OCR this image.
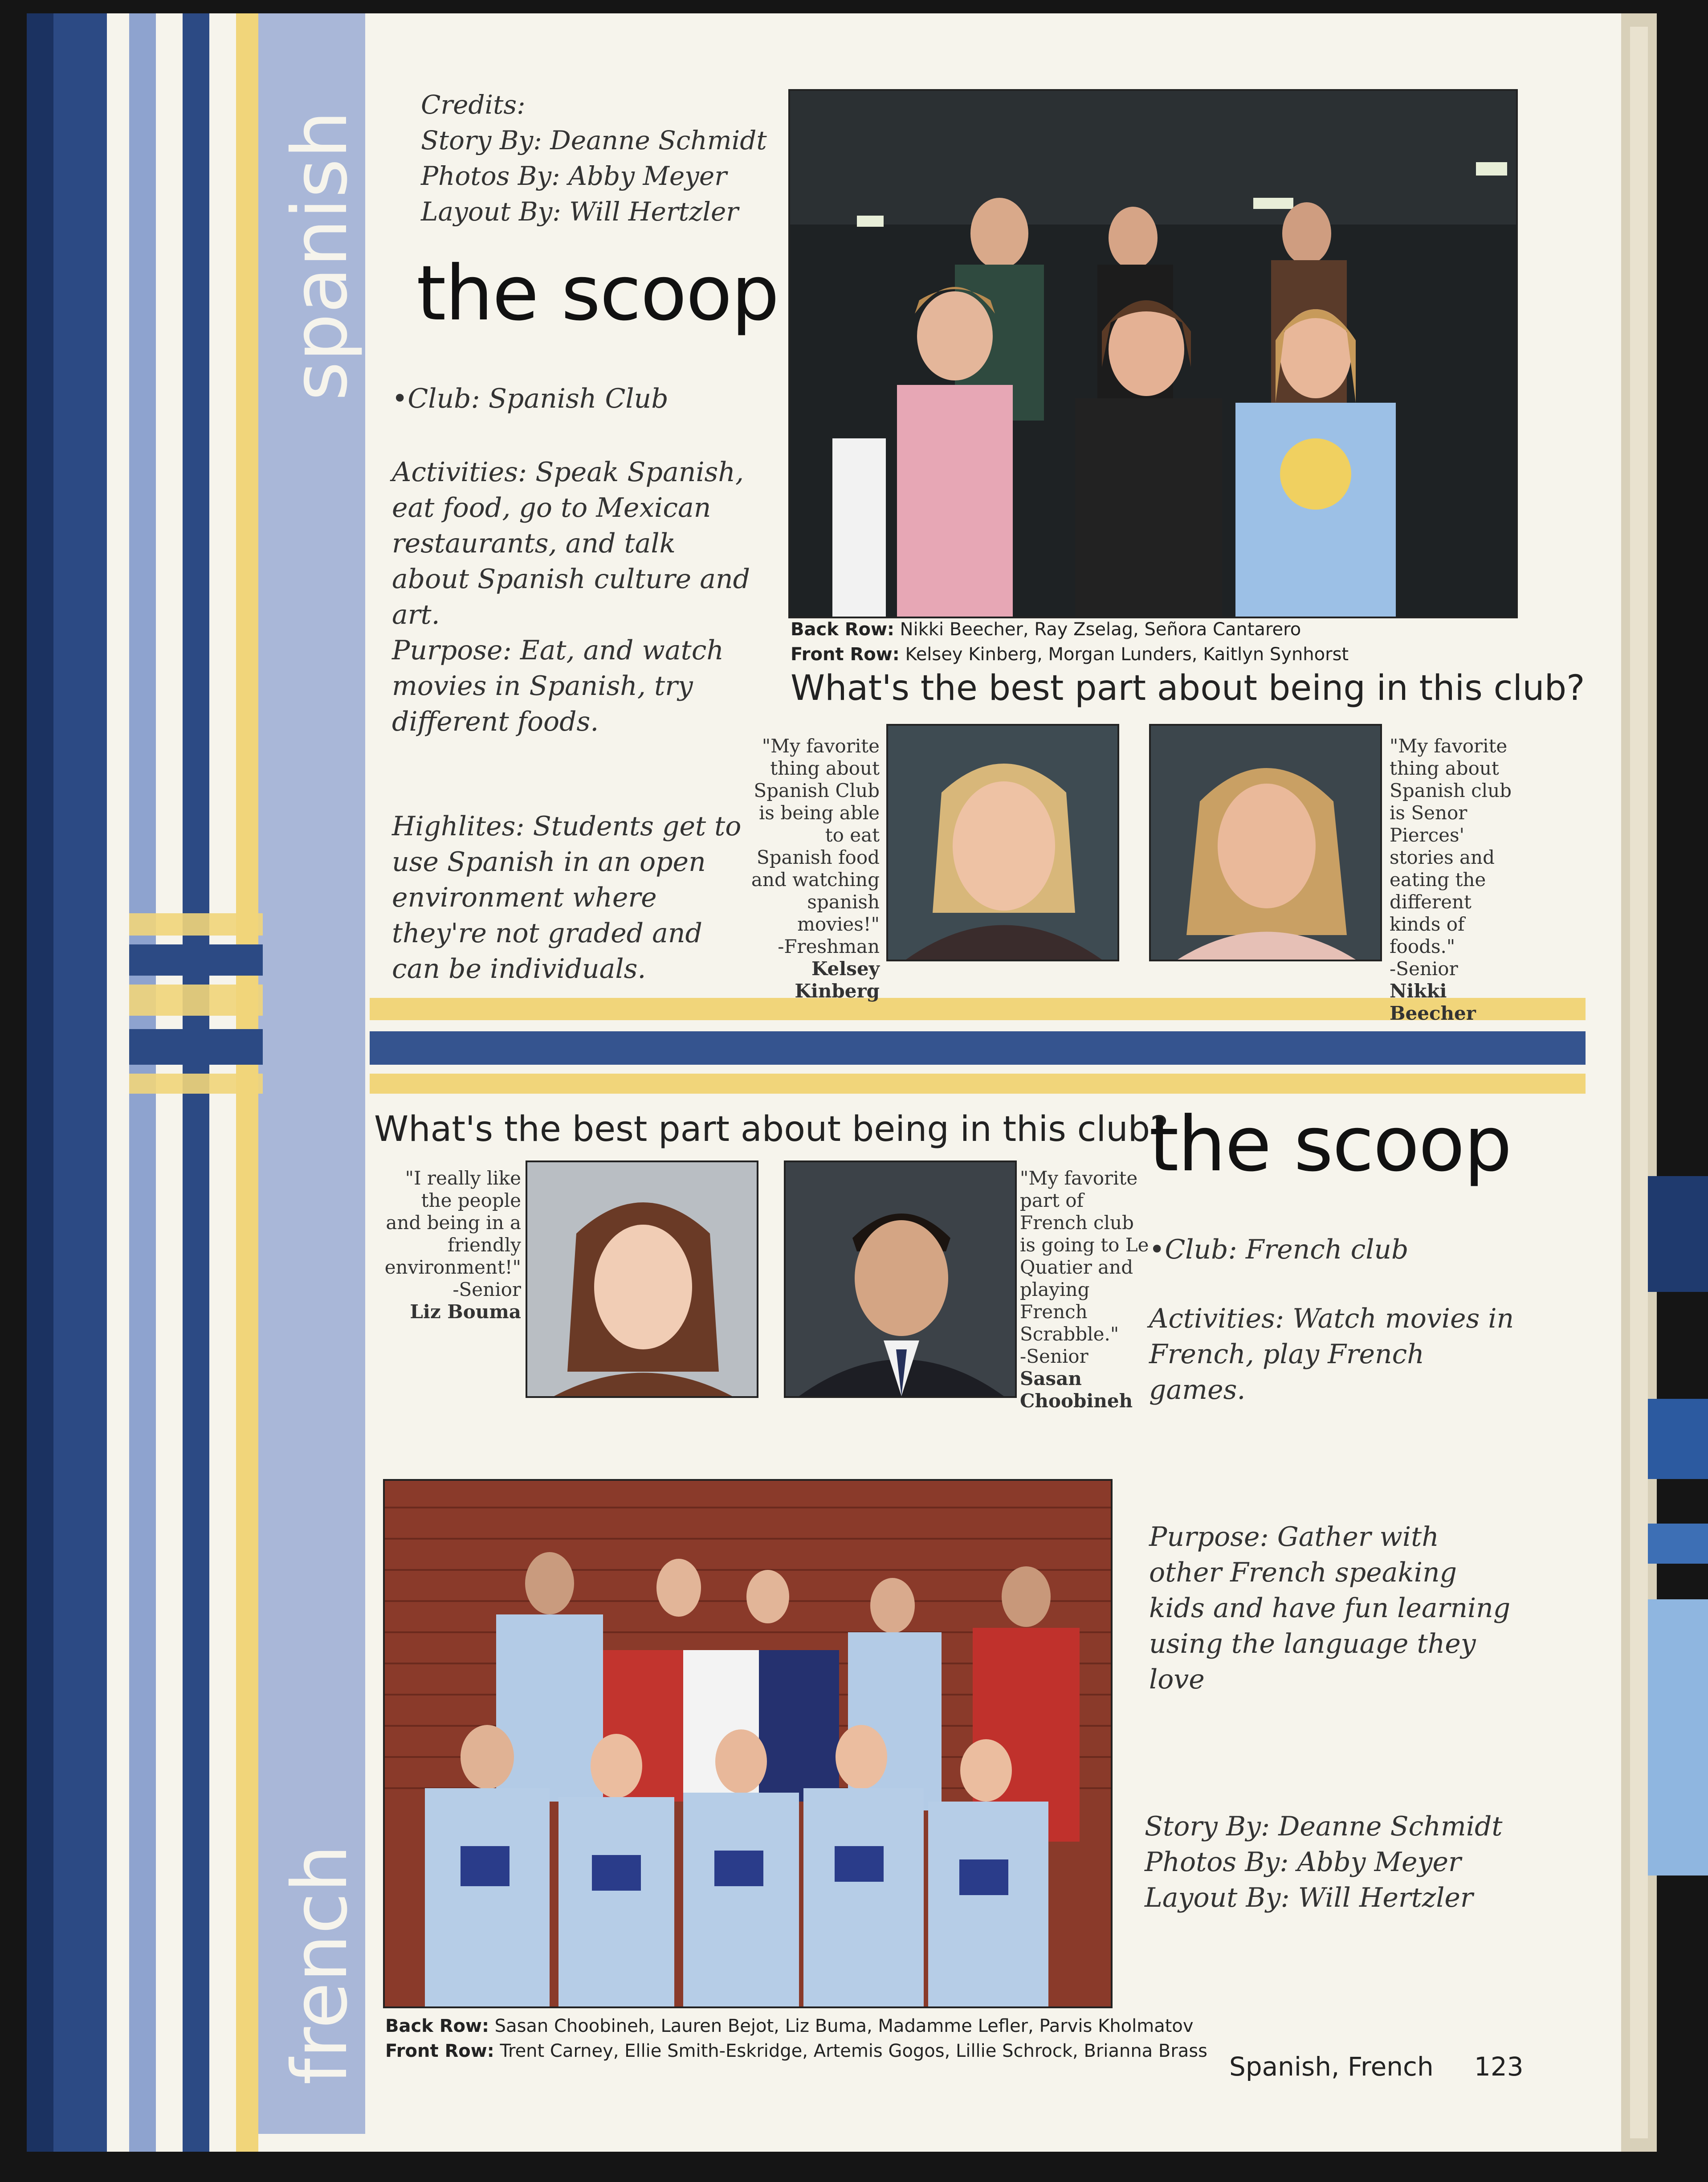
spanish
french
Credits:
Story By: Deanne Schmidt
Photos By: Abby Meyer
Layout By: Will Hertzler
the scoop
•Club: Spanish Club
Activities: Speak Spanish, eat food, go to Mexican restaurants, and talk about Spanish culture and art.
Purpose: Eat, and watch movies in Spanish, try different foods.
Highlites: Students get to use Spanish in an open environment where they're not graded and can be individuals.
Back Row: Nikki Beecher, Ray Zselag, Señora Cantarero
Front Row: Kelsey Kinberg, Morgan Lunders, Kaitlyn Synhorst
What's the best part about being in this club?
"My favorite thing about Spanish Club is being able to eat Spanish food and watching spanish movies!"
-Freshman
Kelsey Kinberg
"My favorite thing about Spanish club is Senor Pierces' stories and eating the different kinds of foods."
-Senior
Nikki Beecher
What's the best part about being in this club?
"I really like the people and being in a friendly environment!"
-Senior
Liz Bouma
"My favorite part of French club is going to Le Quatier and playing French Scrabble."
-Senior
Sasan Choobineh
the scoop
•Club: French club
Activities: Watch movies in French, play French games.
Purpose: Gather with other French speaking kids and have fun learning using the language they love
Story By: Deanne Schmidt
Photos By: Abby Meyer
Layout By: Will Hertzler
Back Row: Sasan Choobineh, Lauren Bejot, Liz Buma, Madamme Lefler, Parvis Kholmatov
Front Row: Trent Carney, Ellie Smith-Eskridge, Artemis Gogos, Lillie Schrock, Brianna Brass
Spanish, French 123
